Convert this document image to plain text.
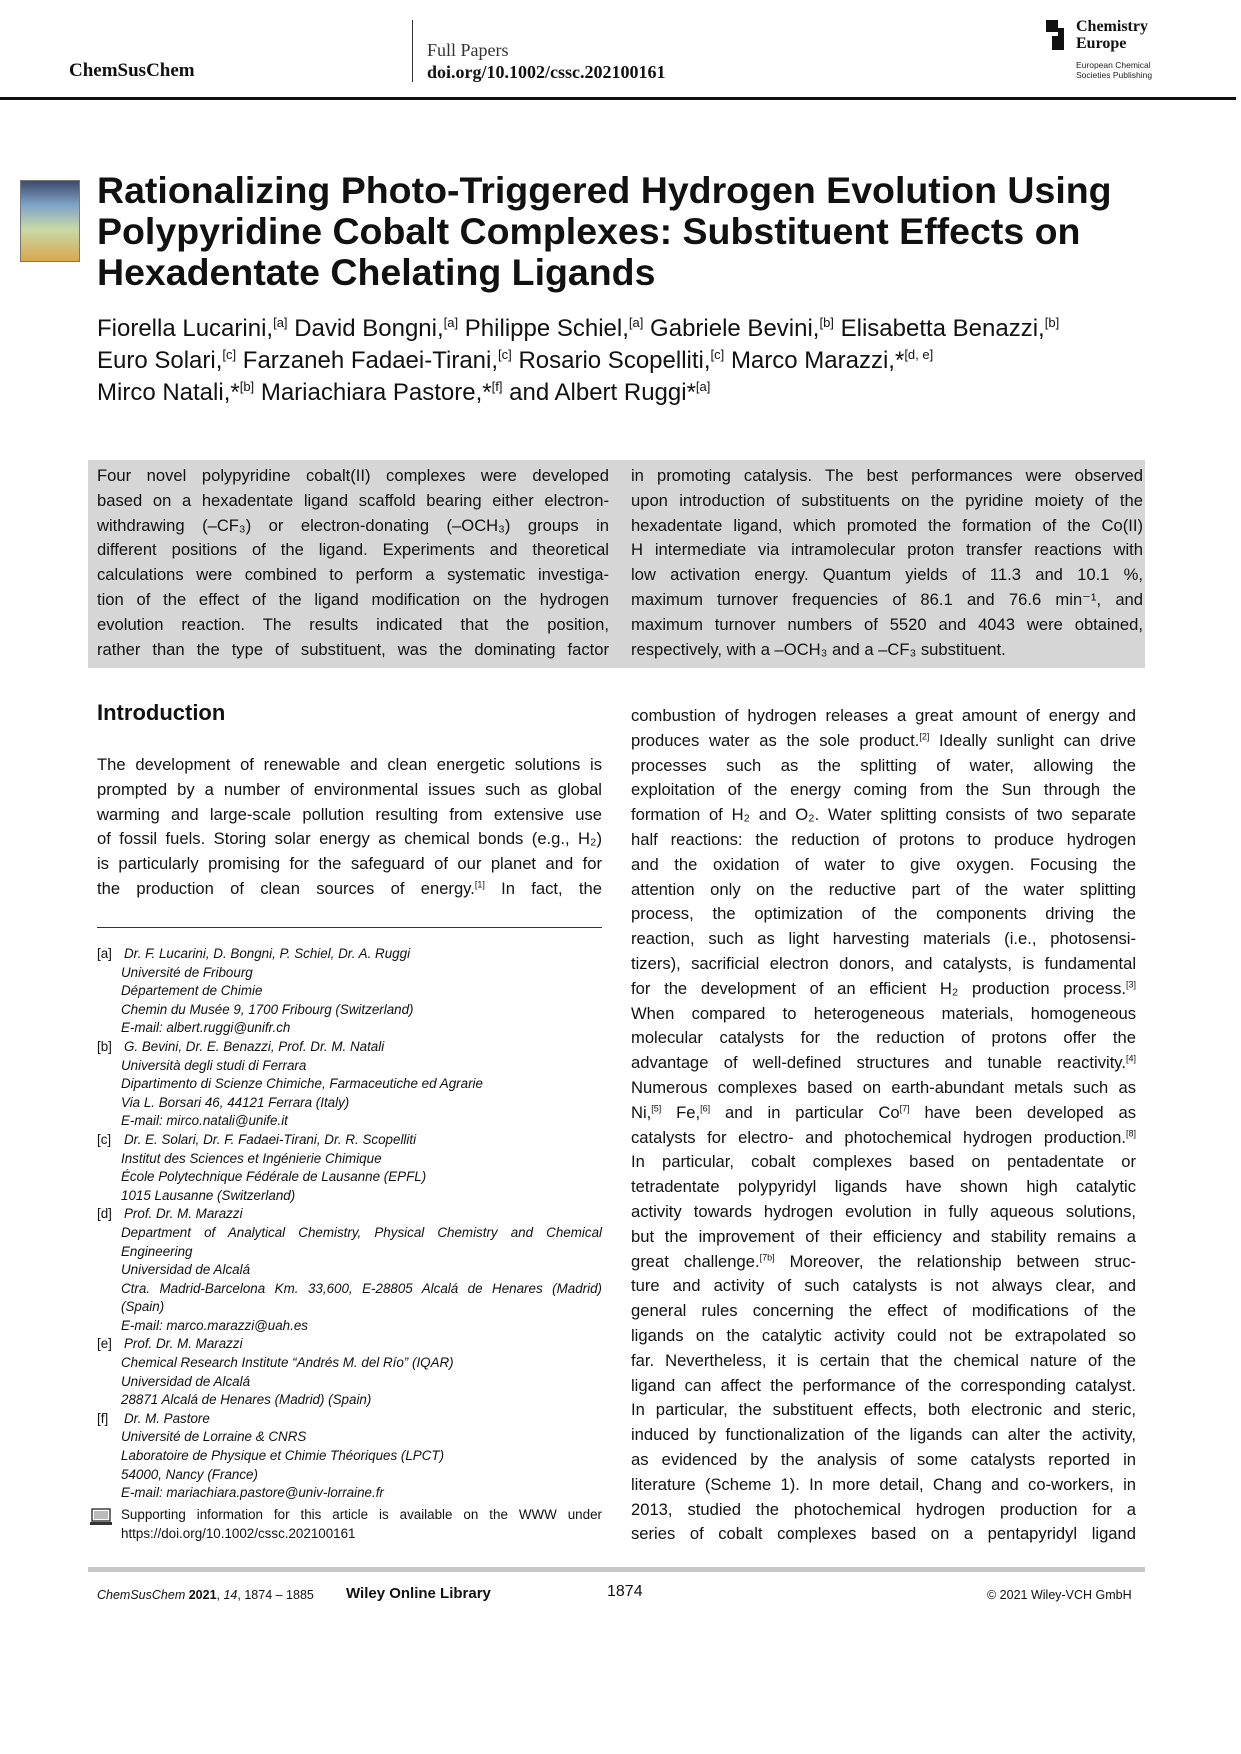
ChemSusChem
Full Papers
doi.org/10.1002/cssc.202100161
Chemistry
Europe
European Chemical
Societies Publishing
Rationalizing Photo-Triggered Hydrogen Evolution Using
Polypyridine Cobalt Complexes: Substituent Effects on
Hexadentate Chelating Ligands
Fiorella Lucarini,[a] David Bongni,[a] Philippe Schiel,[a] Gabriele Bevini,[b] Elisabetta Benazzi,[b]
Euro Solari,[c] Farzaneh Fadaei-Tirani,[c] Rosario Scopelliti,[c] Marco Marazzi,*[d, e]
Mirco Natali,*[b] Mariachiara Pastore,*[f] and Albert Ruggi*[a]
Four novel polypyridine cobalt(II) complexes were developed
based on a hexadentate ligand scaffold bearing either electron-
withdrawing (–CF₃) or electron-donating (–OCH₃) groups in
different positions of the ligand. Experiments and theoretical
calculations were combined to perform a systematic investiga-
tion of the effect of the ligand modification on the hydrogen
evolution reaction. The results indicated that the position,
rather than the type of substituent, was the dominating factor
in promoting catalysis. The best performances were observed
upon introduction of substituents on the pyridine moiety of the
hexadentate ligand, which promoted the formation of the Co(II)
H intermediate via intramolecular proton transfer reactions with
low activation energy. Quantum yields of 11.3 and 10.1 %,
maximum turnover frequencies of 86.1 and 76.6 min⁻¹, and
maximum turnover numbers of 5520 and 4043 were obtained,
respectively, with a –OCH₃ and a –CF₃ substituent.
Introduction
The development of renewable and clean energetic solutions is
prompted by a number of environmental issues such as global
warming and large-scale pollution resulting from extensive use
of fossil fuels. Storing solar energy as chemical bonds (e.g., H₂)
is particularly promising for the safeguard of our planet and for
the production of clean sources of energy.[1] In fact, the
combustion of hydrogen releases a great amount of energy and
produces water as the sole product.[2] Ideally sunlight can drive
processes such as the splitting of water, allowing the
exploitation of the energy coming from the Sun through the
formation of H₂ and O₂. Water splitting consists of two separate
half reactions: the reduction of protons to produce hydrogen
and the oxidation of water to give oxygen. Focusing the
attention only on the reductive part of the water splitting
process, the optimization of the components driving the
reaction, such as light harvesting materials (i.e., photosensi-
tizers), sacrificial electron donors, and catalysts, is fundamental
for the development of an efficient H₂ production process.[3]
When compared to heterogeneous materials, homogeneous
molecular catalysts for the reduction of protons offer the
advantage of well-defined structures and tunable reactivity.[4]
Numerous complexes based on earth-abundant metals such as
Ni,[5] Fe,[6] and in particular Co[7] have been developed as
catalysts for electro- and photochemical hydrogen production.[8]
In particular, cobalt complexes based on pentadentate or
tetradentate polypyridyl ligands have shown high catalytic
activity towards hydrogen evolution in fully aqueous solutions,
but the improvement of their efficiency and stability remains a
great challenge.[7b] Moreover, the relationship between struc-
ture and activity of such catalysts is not always clear, and
general rules concerning the effect of modifications of the
ligands on the catalytic activity could not be extrapolated so
far. Nevertheless, it is certain that the chemical nature of the
ligand can affect the performance of the corresponding catalyst.
In particular, the substituent effects, both electronic and steric,
induced by functionalization of the ligands can alter the activity,
as evidenced by the analysis of some catalysts reported in
literature (Scheme 1). In more detail, Chang and co-workers, in
2013, studied the photochemical hydrogen production for a
series of cobalt complexes based on a pentapyridyl ligand
[a] Dr. F. Lucarini, D. Bongni, P. Schiel, Dr. A. Ruggi
Université de Fribourg
Département de Chimie
Chemin du Musée 9, 1700 Fribourg (Switzerland)
E-mail: albert.ruggi@unifr.ch
[b] G. Bevini, Dr. E. Benazzi, Prof. Dr. M. Natali
Università degli studi di Ferrara
Dipartimento di Scienze Chimiche, Farmaceutiche ed Agrarie
Via L. Borsari 46, 44121 Ferrara (Italy)
E-mail: mirco.natali@unife.it
[c] Dr. E. Solari, Dr. F. Fadaei-Tirani, Dr. R. Scopelliti
Institut des Sciences et Ingénierie Chimique
École Polytechnique Fédérale de Lausanne (EPFL)
1015 Lausanne (Switzerland)
[d] Prof. Dr. M. Marazzi
Department of Analytical Chemistry, Physical Chemistry and Chemical
Engineering
Universidad de Alcalá
Ctra. Madrid-Barcelona Km. 33,600, E-28805 Alcalá de Henares (Madrid)
(Spain)
E-mail: marco.marazzi@uah.es
[e] Prof. Dr. M. Marazzi
Chemical Research Institute “Andrés M. del Río” (IQAR)
Universidad de Alcalá
28871 Alcalá de Henares (Madrid) (Spain)
[f] Dr. M. Pastore
Université de Lorraine & CNRS
Laboratoire de Physique et Chimie Théoriques (LPCT)
54000, Nancy (France)
E-mail: mariachiara.pastore@univ-lorraine.fr
Supporting information for this article is available on the WWW under
https://doi.org/10.1002/cssc.202100161
ChemSusChem 2021, 14, 1874 – 1885 Wiley Online Library	1874	© 2021 Wiley-VCH GmbH
